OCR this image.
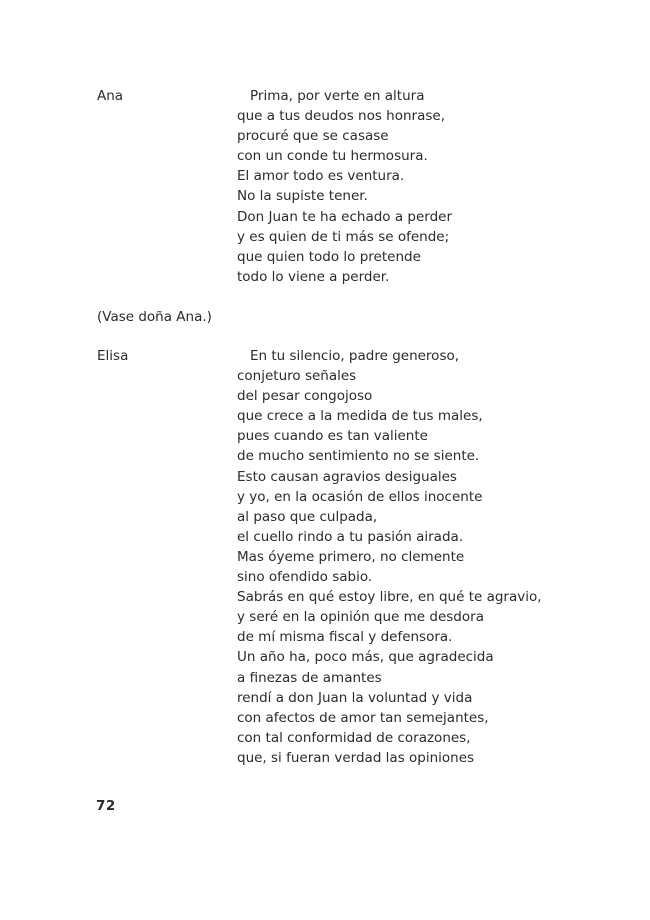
Ana	Prima, por verte en altura
que a tus deudos nos honrase,
procuré que se casase
con un conde tu hermosura.
El amor todo es ventura.
No la supiste tener.
Don Juan te ha echado a perder
y es quien de ti más se ofende;
que quien todo lo pretende
todo lo viene a perder.
(Vase doña Ana.)
Elisa	En tu silencio, padre generoso,
conjeturo señales
del pesar congojoso
que crece a la medida de tus males,
pues cuando es tan valiente
de mucho sentimiento no se siente.
Esto causan agravios desiguales
y yo, en la ocasión de ellos inocente
al paso que culpada,
el cuello rindo a tu pasión airada.
Mas óyeme primero, no clemente
sino ofendido sabio.
Sabrás en qué estoy libre, en qué te agravio,
y seré en la opinión que me desdora
de mí misma fiscal y defensora.
Un año ha, poco más, que agradecida
a finezas de amantes
rendí a don Juan la voluntad y vida
con afectos de amor tan semejantes,
con tal conformidad de corazones,
que, si fueran verdad las opiniones
72
